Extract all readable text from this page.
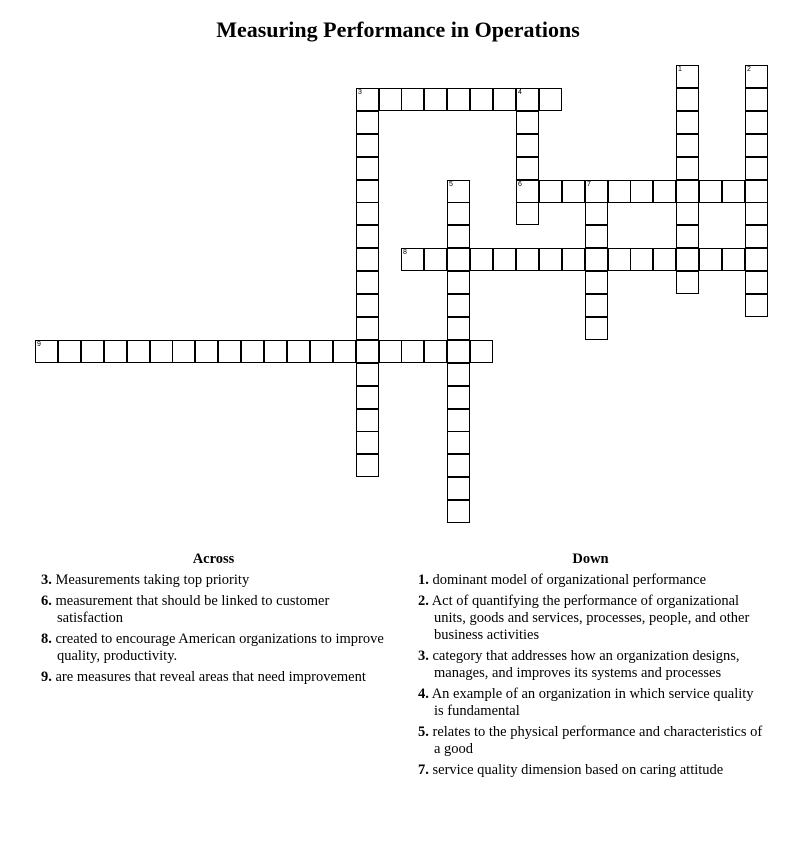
Measuring Performance in Operations
1	2
3	4
6
5	7
8
9
Across
3. Measurements taking top priority
6. measurement that should be linked to customer satisfaction
8. created to encourage American organizations to improve quality, productivity.
9. are measures that reveal areas that need improvement
Down
1. dominant model of organizational performance
2. Act of quantifying the performance of organizational units, goods and services, processes, people, and other business activities
3. category that addresses how an organization designs, manages, and improves its systems and processes
4. An example of an organization in which service quality is fundamental
5. relates to the physical performance and characteristics of a good
7. service quality dimension based on caring attitude
